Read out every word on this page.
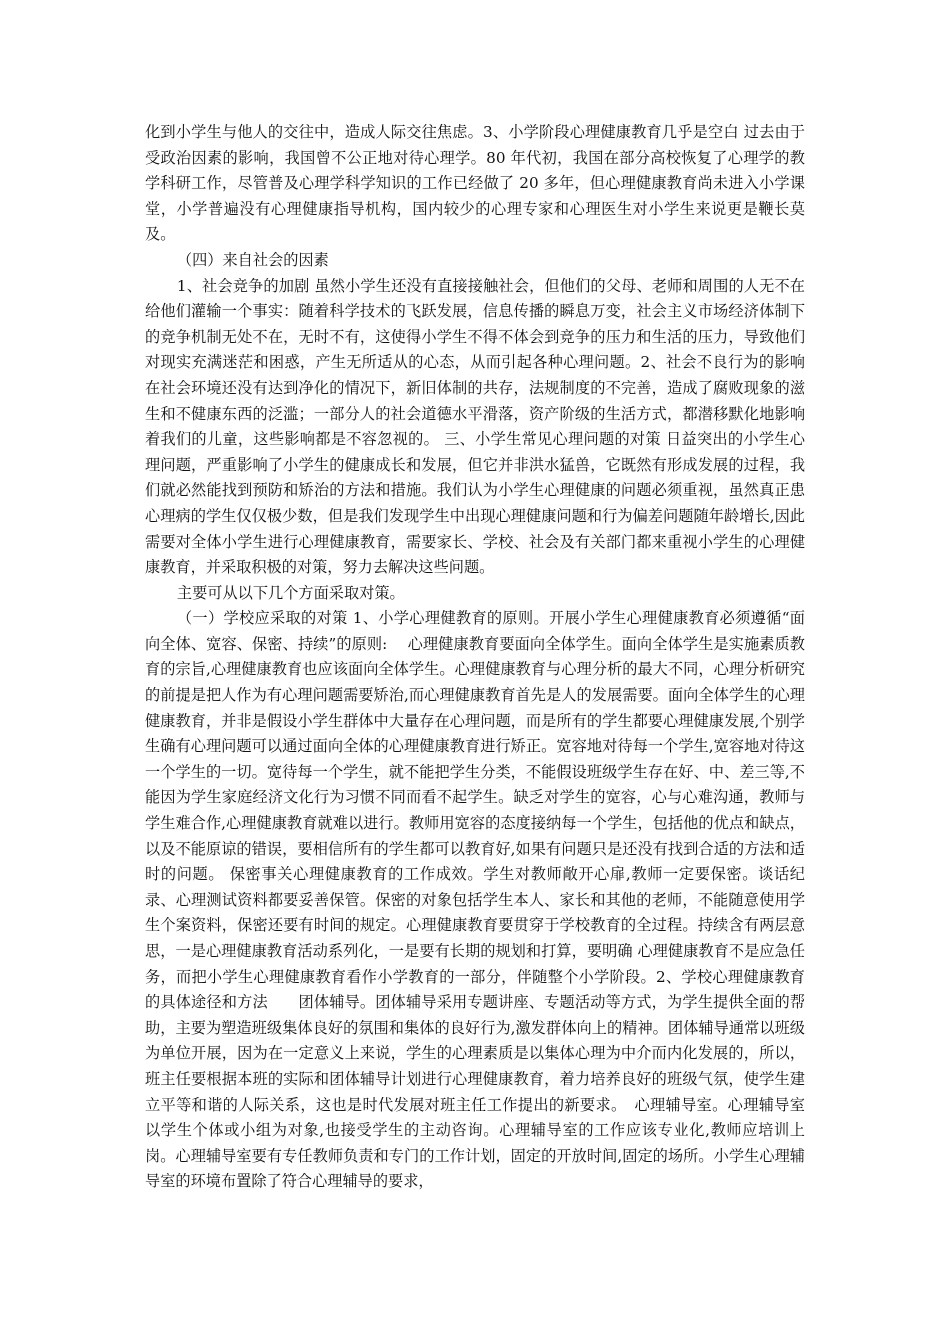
化到小学生与他人的交往中，造成人际交往焦虑。3、小学阶段心理健康教育几乎是空白 过去由于受政治因素的影响，我国曾不公正地对待心理学。80 年代初，我国在部分高校恢复了心理学的教学科研工作，尽管普及心理学科学知识的工作已经做了 20 多年，但心理健康教育尚未进入小学课堂，小学普遍没有心理健康指导机构，国内较少的心理专家和心理医生对小学生来说更是鞭长莫及。

（四）来自社会的因素

1、社会竞争的加剧 虽然小学生还没有直接接触社会，但他们的父母、老师和周围的人无不在给他们灌输一个事实：随着科学技术的飞跃发展，信息传播的瞬息万变，社会主义市场经济体制下的竞争机制无处不在，无时不有，这使得小学生不得不体会到竞争的压力和生活的压力，导致他们对现实充满迷茫和困惑，产生无所适从的心态，从而引起各种心理问题。2、社会不良行为的影响 在社会环境还没有达到净化的情况下，新旧体制的共存，法规制度的不完善，造成了腐败现象的滋生和不健康东西的泛滥；一部分人的社会道德水平滑落，资产阶级的生活方式，都潜移默化地影响着我们的儿童，这些影响都是不容忽视的。 三、小学生常见心理问题的对策 日益突出的小学生心理问题，严重影响了小学生的健康成长和发展，但它并非洪水猛兽，它既然有形成发展的过程，我们就必然能找到预防和矫治的方法和措施。我们认为小学生心理健康的问题必须重视，虽然真正患心理病的学生仅仅极少数，但是我们发现学生中出现心理健康问题和行为偏差问题随年龄增长,因此需要对全体小学生进行心理健康教育，需要家长、学校、社会及有关部门都来重视小学生的心理健康教育，并采取积极的对策，努力去解决这些问题。

主要可从以下几个方面采取对策。

（一）学校应采取的对策 1、小学心理健教育的原则。开展小学生心理健康教育必须遵循“面向全体、宽容、保密、持续”的原则:　 心理健康教育要面向全体学生。面向全体学生是实施素质教育的宗旨,心理健康教育也应该面向全体学生。心理健康教育与心理分析的最大不同，心理分析研究的前提是把人作为有心理问题需要矫治,而心理健康教育首先是人的发展需要。面向全体学生的心理健康教育，并非是假设小学生群体中大量存在心理问题，而是所有的学生都要心理健康发展,个别学生确有心理问题可以通过面向全体的心理健康教育进行矫正。宽容地对待每一个学生,宽容地对待这一个学生的一切。宽待每一个学生，就不能把学生分类，不能假设班级学生存在好、中、差三等,不能因为学生家庭经济文化行为习惯不同而看不起学生。缺乏对学生的宽容，心与心难沟通，教师与学生难合作,心理健康教育就难以进行。教师用宽容的态度接纳每一个学生，包括他的优点和缺点，以及不能原谅的错误，要相信所有的学生都可以教育好,如果有问题只是还没有找到合适的方法和适时的问题。 保密事关心理健康教育的工作成效。学生对教师敞开心扉,教师一定要保密。谈话纪录、心理测试资料都要妥善保管。保密的对象包括学生本人、家长和其他的老师，不能随意使用学生个案资料，保密还要有时间的规定。心理健康教育要贯穿于学校教育的全过程。持续含有两层意思，一是心理健康教育活动系列化，一是要有长期的规划和打算，要明确 心理健康教育不是应急任务，而把小学生心理健康教育看作小学教育的一部分，伴随整个小学阶段。2、学校心理健康教育的具体途径和方法　　团体辅导。团体辅导采用专题讲座、专题活动等方式，为学生提供全面的帮助，主要为塑造班级集体良好的氛围和集体的良好行为,激发群体向上的精神。团体辅导通常以班级为单位开展，因为在一定意义上来说，学生的心理素质是以集体心理为中介而内化发展的，所以，班主任要根据本班的实际和团体辅导计划进行心理健康教育，着力培养良好的班级气氛，使学生建立平等和谐的人际关系，这也是时代发展对班主任工作提出的新要求。　心理辅导室。心理辅导室以学生个体或小组为对象,也接受学生的主动咨询。心理辅导室的工作应该专业化,教师应培训上岗。心理辅导室要有专任教师负责和专门的工作计划，固定的开放时间,固定的场所。小学生心理辅导室的环境布置除了符合心理辅导的要求，
